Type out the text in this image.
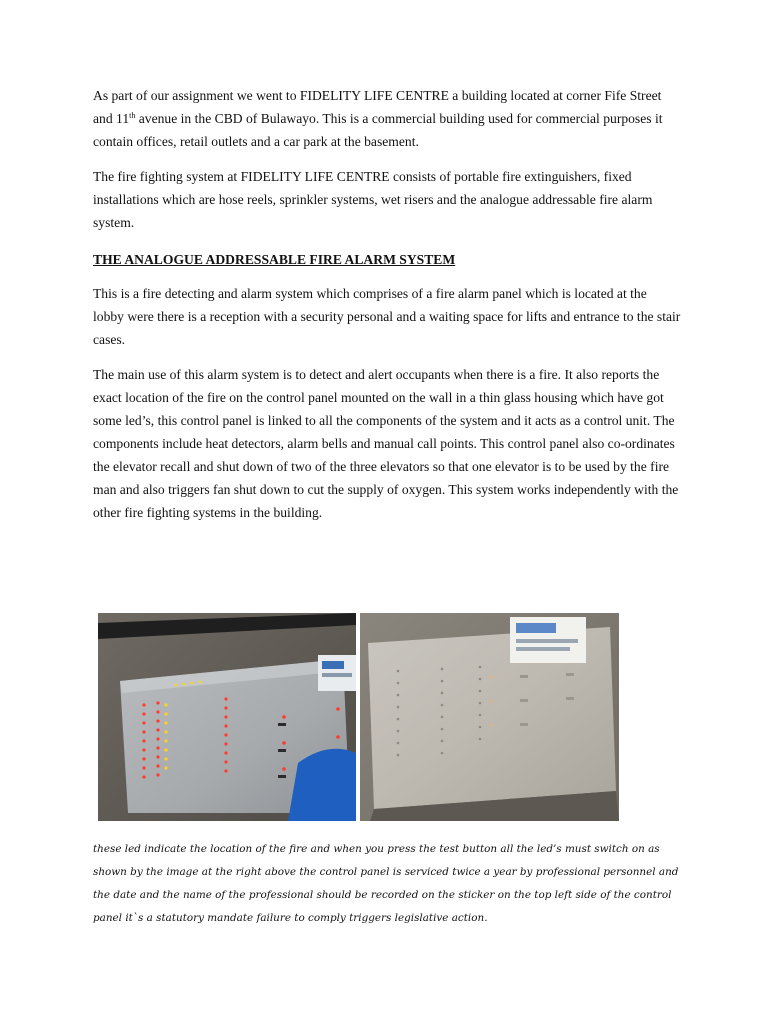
As part of our assignment we went to FIDELITY LIFE CENTRE a building located at corner Fife Street and 11th avenue in the CBD of Bulawayo. This is a commercial building used for commercial purposes it contain offices, retail outlets and a car park at the basement.

The fire fighting system at FIDELITY LIFE CENTRE consists of portable fire extinguishers, fixed installations which are hose reels, sprinkler systems, wet risers and the analogue addressable fire alarm system.

THE ANALOGUE ADDRESSABLE FIRE ALARM SYSTEM

This is a fire detecting and alarm system which comprises of a fire alarm panel which is located at the lobby were there is a reception with a security personal and a waiting space for lifts and entrance to the stair cases.

The main use of this alarm system is to detect and alert occupants when there is a fire. It also reports the exact location of the fire on the control panel mounted on the wall in a thin glass housing which have got some led’s, this control panel is linked to all the components of the system and it acts as a control unit. The components include heat detectors, alarm bells and manual call points. This control panel also co-ordinates the elevator recall and shut down of two of the three elevators so that one elevator is to be used by the fire man and also triggers fan shut down to cut the supply of oxygen. This system works independently with the other fire fighting systems in the building.

these led indicate the location of the fire and when you press the test button all the led’s must switch on as shown by the image at the right above the control panel is serviced twice a year by professional personnel and the date and the name of the professional should be recorded on the sticker on the top left side of the control panel it`s a statutory mandate failure to comply triggers legislative action.
